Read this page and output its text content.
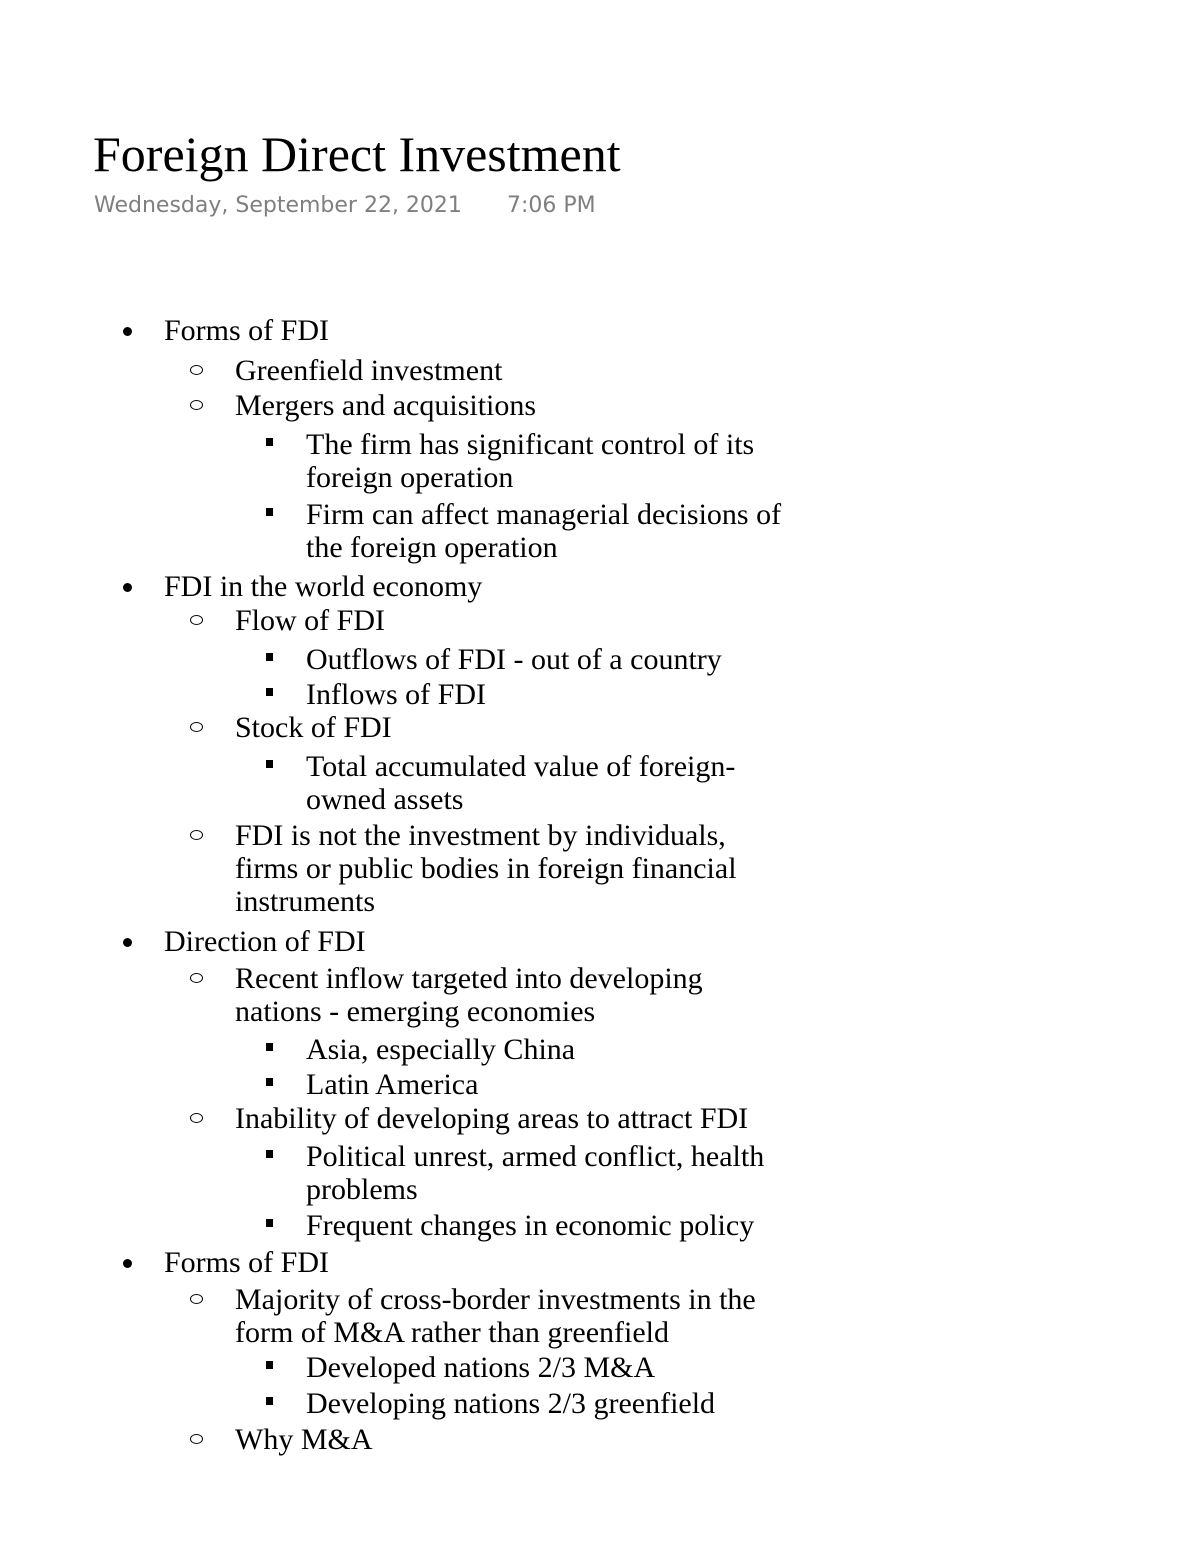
Foreign Direct Investment
Wednesday, September 22, 2021 7:06 PM
Forms of FDI
Greenfield investment
Mergers and acquisitions
The firm has significant control of its
foreign operation
Firm can affect managerial decisions of
the foreign operation
FDI in the world economy
Flow of FDI
Outflows of FDI - out of a country
Inflows of FDI
Stock of FDI
Total accumulated value of foreign-
owned assets
FDI is not the investment by individuals,
firms or public bodies in foreign financial
instruments
Direction of FDI
Recent inflow targeted into developing
nations - emerging economies
Asia, especially China
Latin America
Inability of developing areas to attract FDI
Political unrest, armed conflict, health
problems
Frequent changes in economic policy
Forms of FDI
Majority of cross-border investments in the
form of M&A rather than greenfield
Developed nations 2/3 M&A
Developing nations 2/3 greenfield
Why M&A
